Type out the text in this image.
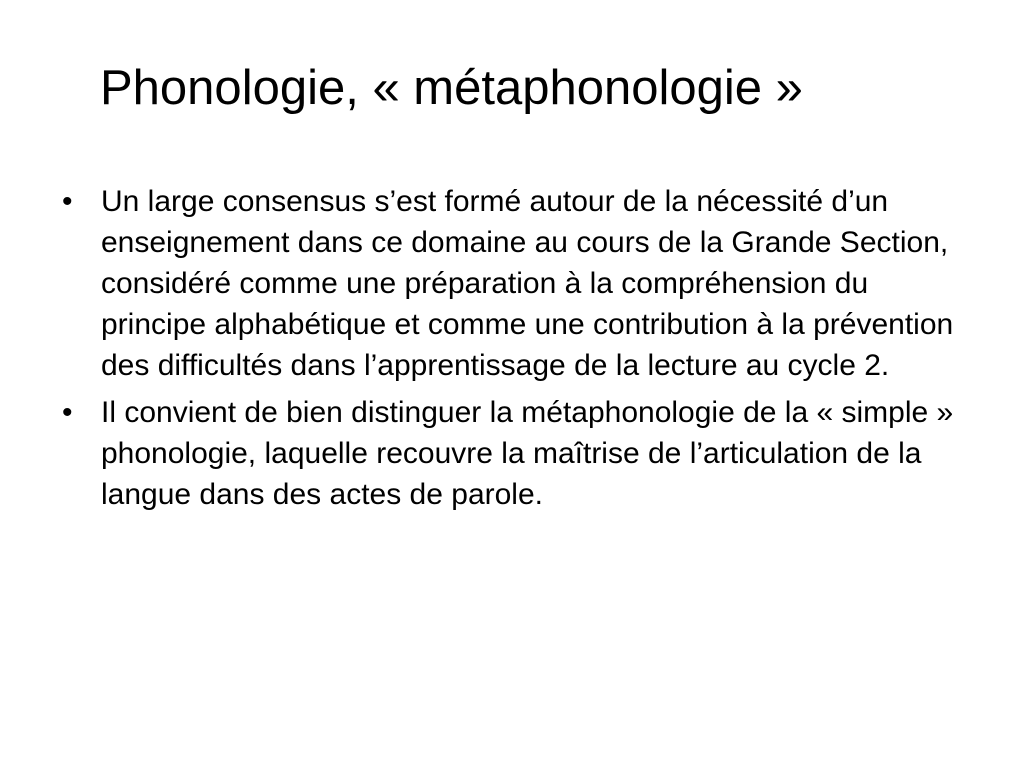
Phonologie, « métaphonologie »
• Un large consensus s’est formé autour de la nécessité d’un enseignement dans ce domaine au cours de la Grande Section, considéré comme une préparation à la compréhension du principe alphabétique et comme une contribution à la prévention des difficultés dans l’apprentissage de la lecture au cycle 2.
• Il convient de bien distinguer la métaphonologie de la « simple » phonologie, laquelle recouvre la maîtrise de l’articulation de la langue dans des actes de parole.
